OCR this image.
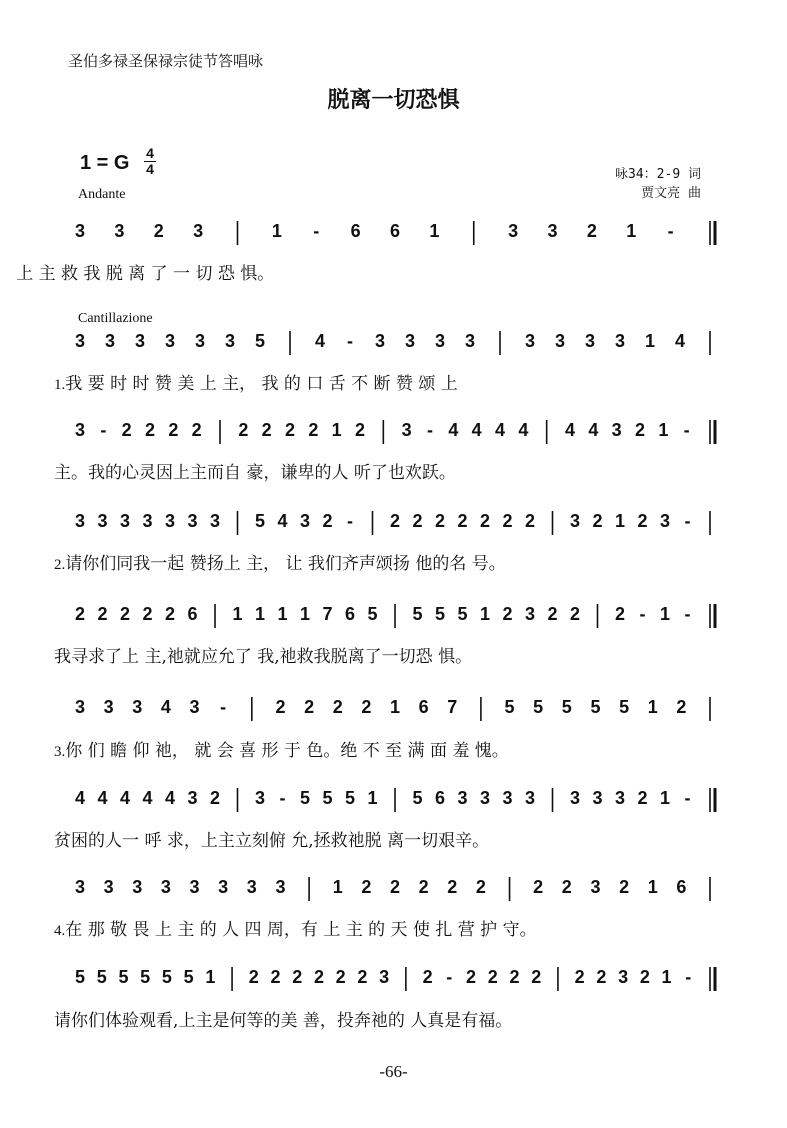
圣伯多禄圣保禄宗徒节答唱咏
脱离一切恐惧
1 = G 4
4
Andante
咏34：2-9 词
贾文亮 曲
Cantillazione
3 3 2 3	1 - 6 6 1	3 3 2 1 -
3 3 3 3 3 3 5	4 - 3 3 3 3	3 3 3 3 1 4
3 - 2 2 2 2 2 2 2 2 1 2 3 - 4 4 4 4 4 4 3 2 1 -
3 3 3 3 3 3 3 5 4 3 2 - 2 2 2 2 2 2 2 3 2 1 2 3 -
2 2 2 2 2 6 1 1 1 1 7 6 5 5 5 5 1 2 3 2 2 2 - 1 -
3 3 3 4 3 -	2 2 2 2 1 6 7	5 5 5 5 5 1 2
4 4 4 4 4 3 2 3 - 5 5 5 1 5 6 3 3 3 3 3 3 3 2 1 -
3 3 3 3 3 3 3 3	1 2 2 2 2 2	2 2 3 2 1 6
5 5 5 5 5 5 1 2 2 2 2 2 2 3 2 - 2 2 2 2 2 2 3 2 1 -
上 主 救 我 脱 离 了 一 切 恐 惧。
1.我 要 时 时 赞 美 上 主， 我 的 口 舌 不 断 赞 颂 上
主。我的心灵因上主而自 豪，谦卑的人 听了也欢跃。
2.请你们同我一起 赞扬上 主， 让 我们齐声颂扬 他的名 号。
我寻求了上 主,祂就应允了 我,祂救我脱离了一切恐 惧。
3.你 们 瞻 仰 祂， 就 会 喜 形 于 色。绝 不 至 满 面 羞 愧。
贫困的人一 呼 求，上主立刻俯 允,拯救祂脱 离一切艰辛。
4.在 那 敬 畏 上 主 的 人 四 周，有 上 主 的 天 使 扎 营 护 守。
请你们体验观看,上主是何等的美 善，投奔祂的 人真是有福。
-66-
